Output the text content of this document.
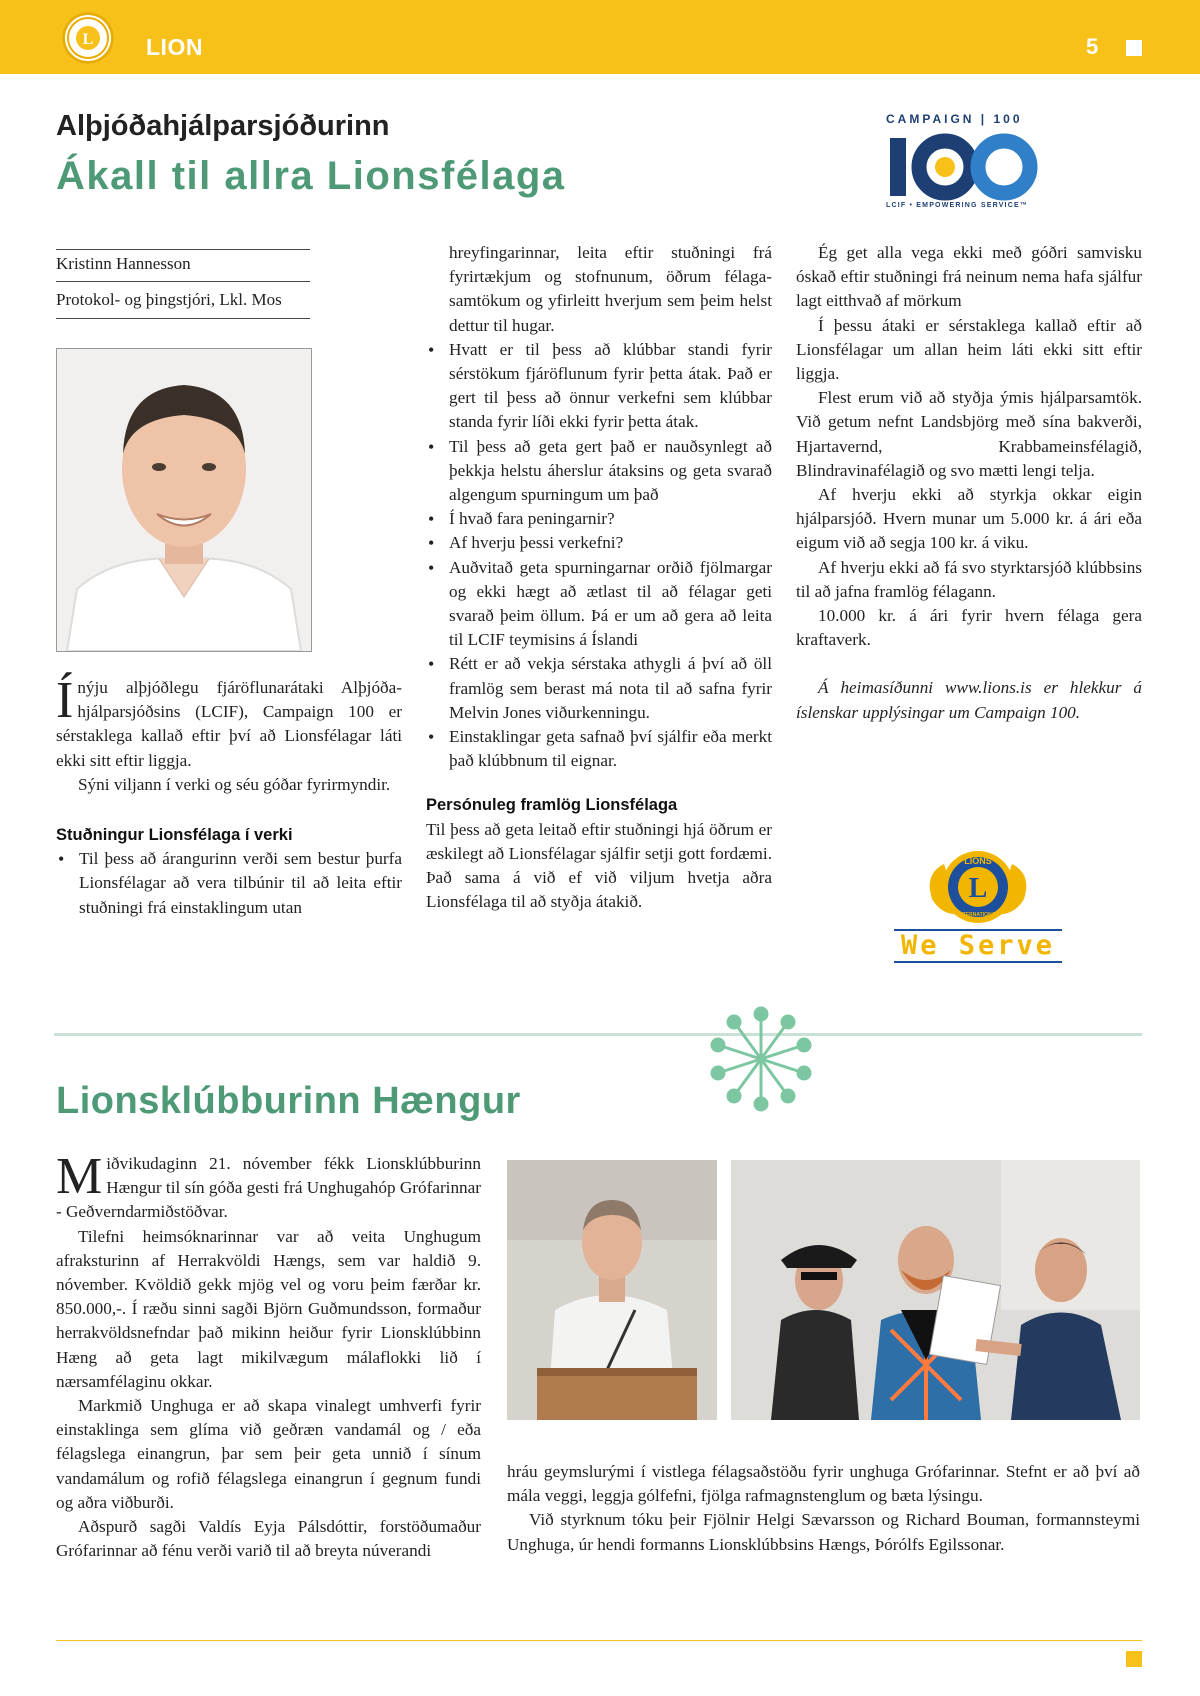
L LION	5
Alþjóðahjálparsjóðurinn
Ákall til allra Lionsfélaga
CAMPAIGN | 100
LCIF • EMPOWERING SERVICE™
Kristinn Hannesson
Protokol- og þingstjóri, Lkl. Mos

Ínýju alþjóðlegu fjáröflunarátaki Alþjóðahjálparsjóðsins (LCIF), Campaign 100 er sérstaklega kallað eftir því að Lionsfélagar láti ekki sitt eftir liggja.

Sýni viljann í verki og séu góðar fyrirmyndir.

Stuðningur Lionsfélaga í verki

• Til þess að árangurinn verði sem bestur þurfa Lionsfélagar að vera tilbúnir til að leita eftir stuðningi frá einstaklingum utan

hreyfingarinnar, leita eftir stuðningi frá fyrirtækjum og stofnunum, öðrum félagasamtökum og yfirleitt hverjum sem þeim helst dettur til hugar.

• Hvatt er til þess að klúbbar standi fyrir sérstökum fjáröflunum fyrir þetta átak. Það er gert til þess að önnur verkefni sem klúbbar standa fyrir líði ekki fyrir þetta átak.
• Til þess að geta gert það er nauðsynlegt að þekkja helstu áherslur átaksins og geta svarað algengum spurningum um það
• Í hvað fara peningarnir?
• Af hverju þessi verkefni?
• Auðvitað geta spurningarnar orðið fjölmargar og ekki hægt að ætlast til að félagar geti svarað þeim öllum. Þá er um að gera að leita til LCIF teymisins á Íslandi
• Rétt er að vekja sérstaka athygli á því að öll framlög sem berast má nota til að safna fyrir Melvin Jones viðurkenningu.
• Einstaklingar geta safnað því sjálfir eða merkt það klúbbnum til eignar.

Persónuleg framlög Lionsfélaga

Til þess að geta leitað eftir stuðningi hjá öðrum er æskilegt að Lionsfélagar sjálfir setji gott fordæmi. Það sama á við ef við viljum hvetja aðra Lionsfélaga til að styðja átakið.

Ég get alla vega ekki með góðri samvisku óskað eftir stuðningi frá neinum nema hafa sjálfur lagt eitthvað af mörkum

Í þessu átaki er sérstaklega kallað eftir að Lionsfélagar um allan heim láti ekki sitt eftir liggja.

Flest erum við að styðja ýmis hjálparsamtök. Við getum nefnt Landsbjörg með sína bakverði, Hjartavernd, Krabbameinsfélagið, Blindravinafélagið og svo mætti lengi telja.

Af hverju ekki að styrkja okkar eigin hjálparsjóð. Hvern munar um 5.000 kr. á ári eða eigum við að segja 100 kr. á viku.

Af hverju ekki að fá svo styrktarsjóð klúbbsins til að jafna framlög félagann.

10.000 kr. á ári fyrir hvern félaga gera kraftaverk.

Á heimasíðunni www.lions.is er hlekkur á íslenskar upplýsingar um Campaign 100.

L
LIONS
INTERNATIONAL
We Serve
Lionsklúbburinn Hængur

Miðvikudaginn 21. nóvember fékk Lionsklúbburinn Hængur til sín góða gesti frá Unghugahóp Grófarinnar - Geðverndarmiðstöðvar.

Tilefni heimsóknarinnar var að veita Unghugum afraksturinn af Herrakvöldi Hængs, sem var haldið 9. nóvember. Kvöldið gekk mjög vel og voru þeim færðar kr. 850.000,-. Í ræðu sinni sagði Björn Guðmundsson, formaður herrakvöldsnefndar það mikinn heiður fyrir Lionsklúbbinn Hæng að geta lagt mikilvægum málaflokki lið í nærsamfélaginu okkar.

Markmið Unghuga er að skapa vinalegt umhverfi fyrir einstaklinga sem glíma við geðræn vandamál og / eða félagslega einangrun, þar sem þeir geta unnið í sínum vandamálum og rofið félagslega einangrun í gegnum fundi og aðra viðburði.

Aðspurð sagði Valdís Eyja Pálsdóttir, forstöðumaður Grófarinnar að fénu verði varið til að breyta núverandi

hráu geymslurými í vistlega félagsaðstöðu fyrir unghuga Grófarinnar. Stefnt er að því að mála veggi, leggja gólfefni, fjölga rafmagnstenglum og bæta lýsingu.

Við styrknum tóku þeir Fjölnir Helgi Sævarsson og Richard Bouman, formannsteymi Unghuga, úr hendi formanns Lionsklúbbsins Hængs, Þórólfs Egilssonar.
